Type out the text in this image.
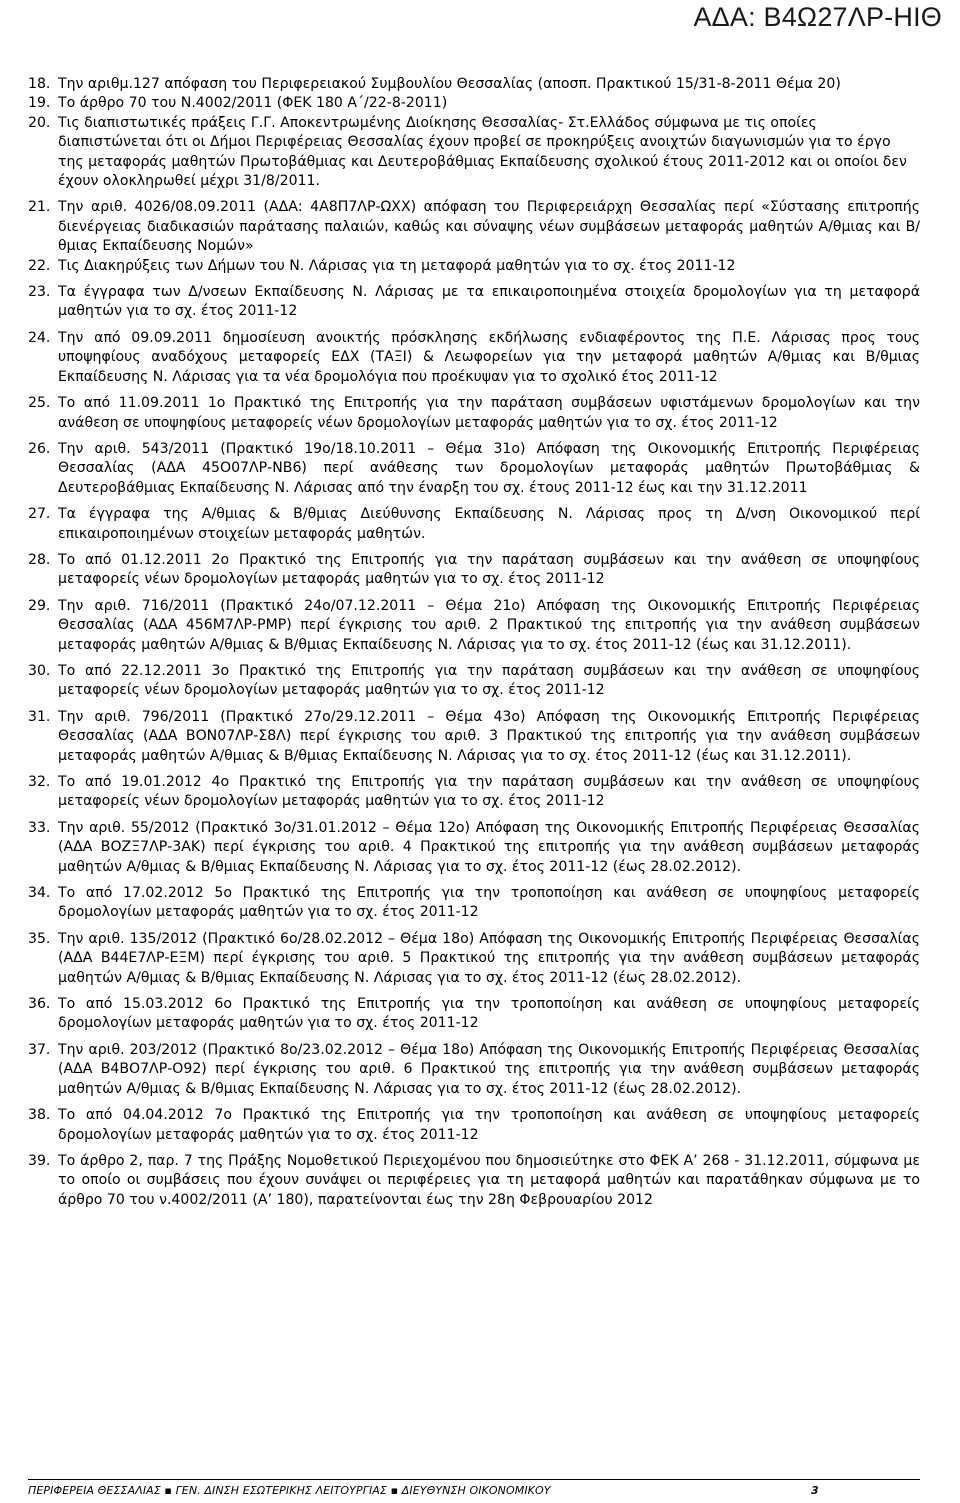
ΑΔΑ: Β4Ω27ΛΡ-ΗΙΘ
18. Την αριθμ.127 απόφαση του Περιφερειακού Συμβουλίου Θεσσαλίας (αποσπ. Πρακτικού 15/31-8-2011 Θέμα 20)
19. Το άρθρο 70 του Ν.4002/2011 (ΦΕΚ 180 Α΄/22-8-2011)
20. Τις διαπιστωτικές πράξεις Γ.Γ. Αποκεντρωμένης Διοίκησης Θεσσαλίας- Στ.Ελλάδος σύμφωνα με τις οποίες διαπιστώνεται ότι οι Δήμοι Περιφέρειας Θεσσαλίας έχουν προβεί σε προκηρύξεις ανοιχτών διαγωνισμών για το έργο της μεταφοράς μαθητών Πρωτοβάθμιας και Δευτεροβάθμιας Εκπαίδευσης σχολικού έτους 2011-2012 και οι οποίοι δεν έχουν ολοκληρωθεί μέχρι 31/8/2011.
21. Την αριθ. 4026/08.09.2011 (ΑΔΑ: 4Α8Π7ΛΡ-ΩΧΧ) απόφαση του Περιφερειάρχη Θεσσαλίας περί «Σύστασης επιτροπής διενέργειας διαδικασιών παράτασης παλαιών, καθώς και σύναψης νέων συμβάσεων μεταφοράς μαθητών Α/θμιας και Β/θμιας Εκπαίδευσης Νομών»
22. Τις Διακηρύξεις των Δήμων του Ν. Λάρισας για τη μεταφορά μαθητών για το σχ. έτος 2011-12
23. Τα έγγραφα των Δ/νσεων Εκπαίδευσης Ν. Λάρισας με τα επικαιροποιημένα στοιχεία δρομολογίων για τη μεταφορά μαθητών για το σχ. έτος 2011-12
24. Την από 09.09.2011 δημοσίευση ανοικτής πρόσκλησης εκδήλωσης ενδιαφέροντος της Π.Ε. Λάρισας προς τους υποψηφίους αναδόχους μεταφορείς ΕΔΧ (ΤΑΞΙ) & Λεωφορείων για την μεταφορά μαθητών Α/θμιας και Β/θμιας Εκπαίδευσης Ν. Λάρισας για τα νέα δρομολόγια που προέκυψαν για το σχολικό έτος 2011-12
25. Το από 11.09.2011 1ο Πρακτικό της Επιτροπής για την παράταση συμβάσεων υφιστάμενων δρομολογίων και την ανάθεση σε υποψηφίους μεταφορείς νέων δρομολογίων μεταφοράς μαθητών για το σχ. έτος 2011-12
26. Την αριθ. 543/2011 (Πρακτικό 19ο/18.10.2011 – Θέμα 31ο) Απόφαση της Οικονομικής Επιτροπής Περιφέρειας Θεσσαλίας (ΑΔΑ 45Ο07ΛΡ-ΝΒ6) περί ανάθεσης των δρομολογίων μεταφοράς μαθητών Πρωτοβάθμιας & Δευτεροβάθμιας Εκπαίδευσης Ν. Λάρισας από την έναρξη του σχ. έτους 2011-12 έως και την 31.12.2011
27. Τα έγγραφα της Α/θμιας & Β/θμιας Διεύθυνσης Εκπαίδευσης Ν. Λάρισας προς τη Δ/νση Οικονομικού περί επικαιροποιημένων στοιχείων μεταφοράς μαθητών.
28. Το από 01.12.2011 2ο Πρακτικό της Επιτροπής για την παράταση συμβάσεων και την ανάθεση σε υποψηφίους μεταφορείς νέων δρομολογίων μεταφοράς μαθητών για το σχ. έτος 2011-12
29. Την αριθ. 716/2011 (Πρακτικό 24ο/07.12.2011 – Θέμα 21ο) Απόφαση της Οικονομικής Επιτροπής Περιφέρειας Θεσσαλίας (ΑΔΑ 456Μ7ΛΡ-ΡΜΡ) περί έγκρισης του αριθ. 2 Πρακτικού της επιτροπής για την ανάθεση συμβάσεων μεταφοράς μαθητών Α/θμιας & Β/θμιας Εκπαίδευσης Ν. Λάρισας για το σχ. έτος 2011-12 (έως και 31.12.2011).
30. Το από 22.12.2011 3ο Πρακτικό της Επιτροπής για την παράταση συμβάσεων και την ανάθεση σε υποψηφίους μεταφορείς νέων δρομολογίων μεταφοράς μαθητών για το σχ. έτος 2011-12
31. Την αριθ. 796/2011 (Πρακτικό 27ο/29.12.2011 – Θέμα 43ο) Απόφαση της Οικονομικής Επιτροπής Περιφέρειας Θεσσαλίας (ΑΔΑ ΒΟΝ07ΛΡ-Σ8Λ) περί έγκρισης του αριθ. 3 Πρακτικού της επιτροπής για την ανάθεση συμβάσεων μεταφοράς μαθητών Α/θμιας & Β/θμιας Εκπαίδευσης Ν. Λάρισας για το σχ. έτος 2011-12 (έως και 31.12.2011).
32. Το από 19.01.2012 4ο Πρακτικό της Επιτροπής για την παράταση συμβάσεων και την ανάθεση σε υποψηφίους μεταφορείς νέων δρομολογίων μεταφοράς μαθητών για το σχ. έτος 2011-12
33. Την αριθ. 55/2012 (Πρακτικό 3ο/31.01.2012 – Θέμα 12ο) Απόφαση της Οικονομικής Επιτροπής Περιφέρειας Θεσσαλίας (ΑΔΑ ΒΟΖΞ7ΛΡ-3ΑΚ) περί έγκρισης του αριθ. 4 Πρακτικού της επιτροπής για την ανάθεση συμβάσεων μεταφοράς μαθητών Α/θμιας & Β/θμιας Εκπαίδευσης Ν. Λάρισας για το σχ. έτος 2011-12 (έως 28.02.2012).
34. Το από 17.02.2012 5ο Πρακτικό της Επιτροπής για την τροποποίηση και ανάθεση σε υποψηφίους μεταφορείς δρομολογίων μεταφοράς μαθητών για το σχ. έτος 2011-12
35. Την αριθ. 135/2012 (Πρακτικό 6ο/28.02.2012 – Θέμα 18ο) Απόφαση της Οικονομικής Επιτροπής Περιφέρειας Θεσσαλίας (ΑΔΑ Β44Ε7ΛΡ-ΕΞΜ) περί έγκρισης του αριθ. 5 Πρακτικού της επιτροπής για την ανάθεση συμβάσεων μεταφοράς μαθητών Α/θμιας & Β/θμιας Εκπαίδευσης Ν. Λάρισας για το σχ. έτος 2011-12 (έως 28.02.2012).
36. Το από 15.03.2012 6ο Πρακτικό της Επιτροπής για την τροποποίηση και ανάθεση σε υποψηφίους μεταφορείς δρομολογίων μεταφοράς μαθητών για το σχ. έτος 2011-12
37. Την αριθ. 203/2012 (Πρακτικό 8ο/23.02.2012 – Θέμα 18ο) Απόφαση της Οικονομικής Επιτροπής Περιφέρειας Θεσσαλίας (ΑΔΑ Β4ΒΟ7ΛΡ-Ο92) περί έγκρισης του αριθ. 6 Πρακτικού της επιτροπής για την ανάθεση συμβάσεων μεταφοράς μαθητών Α/θμιας & Β/θμιας Εκπαίδευσης Ν. Λάρισας για το σχ. έτος 2011-12 (έως 28.02.2012).
38. Το από 04.04.2012 7ο Πρακτικό της Επιτροπής για την τροποποίηση και ανάθεση σε υποψηφίους μεταφορείς δρομολογίων μεταφοράς μαθητών για το σχ. έτος 2011-12
39. Το άρθρο 2, παρ. 7 της Πράξης Νομοθετικού Περιεχομένου που δημοσιεύτηκε στο ΦΕΚ Α’ 268 - 31.12.2011, σύμφωνα με το οποίο οι συμβάσεις που έχουν συνάψει οι περιφέρειες για τη μεταφορά μαθητών και παρατάθηκαν σύμφωνα με το άρθρο 70 του ν.4002/2011 (Α’ 180), παρατείνονται έως την 28η Φεβρουαρίου 2012
ΠΕΡΙΦΕΡΕΙΑ ΘΕΣΣΑΛΙΑΣ ▪ ΓΕΝ. ΔΙΝΣΗ ΕΣΩΤΕΡΙΚΗΣ ΛΕΙΤΟΥΡΓΙΑΣ ▪ ΔΙΕΥΘΥΝΣΗ ΟΙΚΟΝΟΜΙΚΟΥ	3
